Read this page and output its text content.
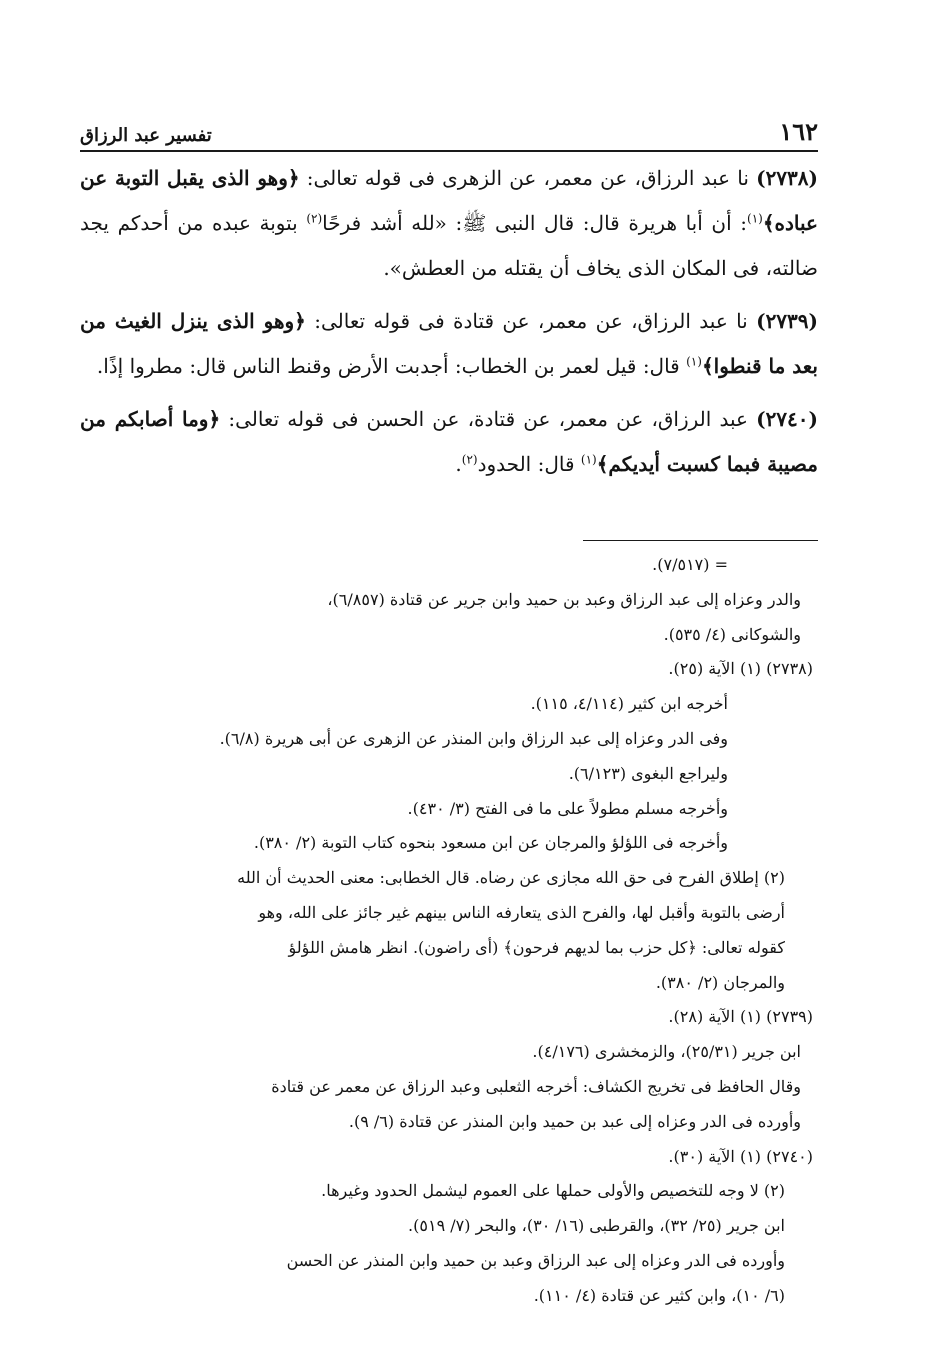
١٦٢
تفسير عبد الرزاق

(٢٧٣٨) نا عبد الرزاق، عن معمر، عن الزهرى فى قوله تعالى: ﴿وهو الذى يقبل التوبة عن عباده﴾$^{(١)}$: أن أبا هريرة قال: قال النبى ﷺ: «لله أشد فرحًا$^{(٢)}$ بتوبة عبده من أحدكم يجد ضالته، فى المكان الذى يخاف أن يقتله من العطش».

(٢٧٣٩) نا عبد الرزاق، عن معمر، عن قتادة فى قوله تعالى: ﴿وهو الذى ينزل الغيث من بعد ما قنطوا﴾$^{(١)}$ قال: قيل لعمر بن الخطاب: أجدبت الأرض وقنط الناس قال: مطروا إذًا.

(٢٧٤٠) عبد الرزاق، عن معمر، عن قتادة، عن الحسن فى قوله تعالى: ﴿وما أصابكم من مصيبة فبما كسبت أيديكم﴾$^{(١)}$ قال: الحدود$^{(٢)}$.

= (٧/٥١٧).

والدر وعزاه إلى عبد الرزاق وعبد بن حميد وابن جرير عن قتادة (٦/٨٥٧)،

والشوكانى (٤/ ٥٣٥).

(٢٧٣٨) (١) الآية (٢٥).

أخرجه ابن كثير (٤/١١٤، ١١٥).

وفى الدر وعزاه إلى عبد الرزاق وابن المنذر عن الزهرى عن أبى هريرة (٦/٨).

وليراجع البغوى (٦/١٢٣).

وأخرجه مسلم مطولاً على ما فى الفتح (٣/ ٤٣٠).

وأخرجه فى اللؤلؤ والمرجان عن ابن مسعود بنحوه كتاب التوبة (٢/ ٣٨٠).

(٢) إطلاق الفرح فى حق الله مجازى عن رضاه. قال الخطابى: معنى الحديث أن الله

أرضى بالتوبة وأقبل لها، والفرح الذى يتعارفه الناس بينهم غير جائز على الله، وهو

كقوله تعالى: ﴿كل حزب بما لديهم فرحون﴾ (أى راضون). انظر هامش اللؤلؤ

والمرجان (٢/ ٣٨٠).

(٢٧٣٩) (١) الآية (٢٨).

ابن جرير (٢٥/٣١)، والزمخشرى (٤/١٧٦).

وقال الحافظ فى تخريج الكشاف: أخرجه الثعلبى وعبد الرزاق عن معمر عن قتادة

وأورده فى الدر وعزاه إلى عبد بن حميد وابن المنذر عن قتادة (٦/ ٩).

(٢٧٤٠) (١) الآية (٣٠).

(٢) لا وجه للتخصيص والأولى حملها على العموم ليشمل الحدود وغيرها.

ابن جرير (٢٥/ ٣٢)، والقرطبى (١٦/ ٣٠)، والبحر (٧/ ٥١٩).

وأورده فى الدر وعزاه إلى عبد الرزاق وعبد بن حميد وابن المنذر عن الحسن

(٦/ ١٠)، وابن كثير عن قتادة (٤/ ١١٠).
